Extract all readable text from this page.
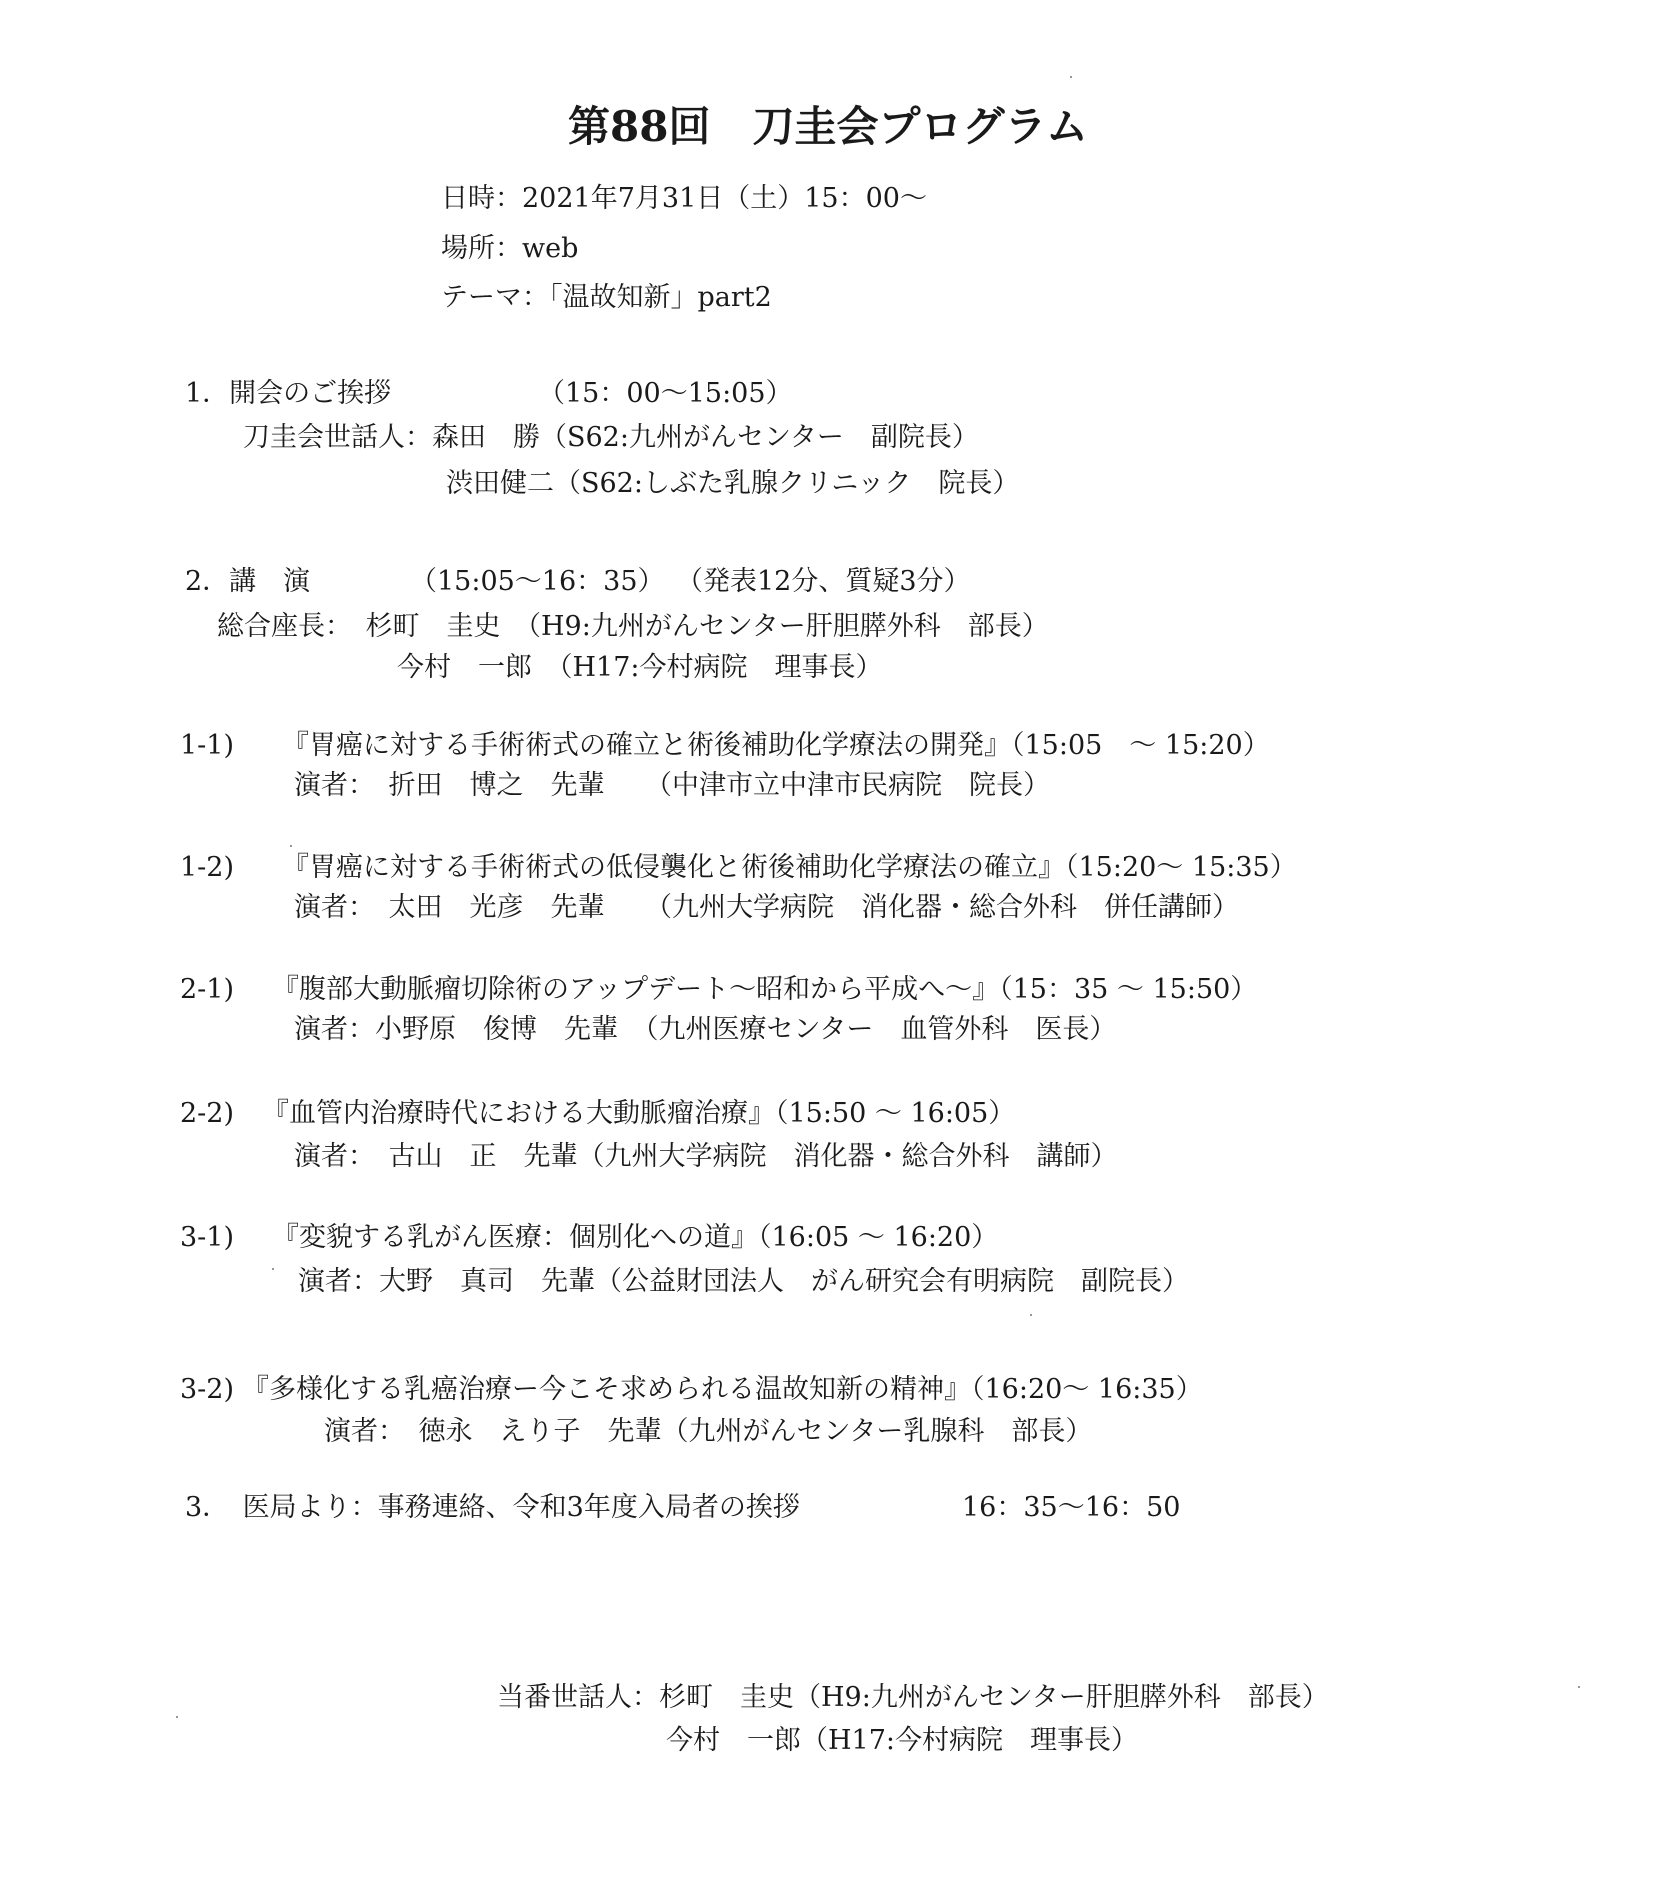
第88回　刀圭会プログラム
日時：2021年7月31日（土）15：00〜
場所：web
テーマ：「温故知新」part2
1．開会のご挨拶	（15：00〜15:05）
刀圭会世話人：森田　勝（S62:九州がんセンター　副院長）
渋田健二（S62:しぶた乳腺クリニック　院長）
2．講　演	（15:05〜16：35） （発表12分、質疑3分）
総合座長：　杉町　圭史　（H9:九州がんセンター肝胆膵外科　部長）
今村　一郎　（H17:今村病院　理事長）
1-1) 『胃癌に対する手術術式の確立と術後補助化学療法の開発』（15:05　〜 15:20）
演者：　折田　博之　先輩　　（中津市立中津市民病院　院長）
1-2) 『胃癌に対する手術術式の低侵襲化と術後補助化学療法の確立』（15:20〜 15:35）
演者：　太田　光彦　先輩　　（九州大学病院　消化器・総合外科　併任講師）
2-1) 『腹部大動脈瘤切除術のアップデート〜昭和から平成へ〜』（15：35 〜 15:50）
演者：小野原　俊博　先輩　（九州医療センター　血管外科　医長）
2-2) 『血管内治療時代における大動脈瘤治療』（15:50 〜 16:05）
演者：　古山　正　先輩（九州大学病院　消化器・総合外科　講師）
3-1) 『変貌する乳がん医療：個別化への道』（16:05 〜 16:20）
演者：大野　真司　先輩（公益財団法人　がん研究会有明病院　副院長）
3-2) 『多様化する乳癌治療ー今こそ求められる温故知新の精神』（16:20〜 16:35）
演者：　徳永　えり子　先輩（九州がんセンター乳腺科　部長）
3．　医局より：事務連絡、令和3年度入局者の挨拶	16：35〜16：50
当番世話人：杉町　圭史（H9:九州がんセンター肝胆膵外科　部長）
今村　一郎（H17:今村病院　理事長）
